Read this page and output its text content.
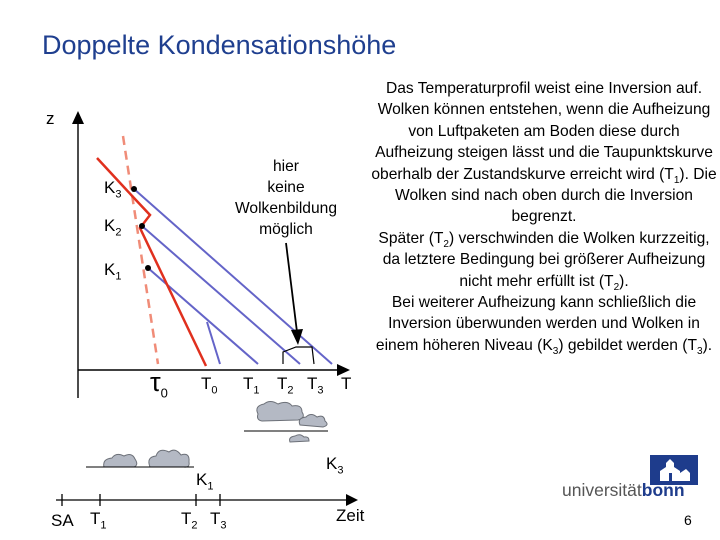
Doppelte Kondensationshöhe
$K_3$
$K_2$
$K_1$
z
T
$\tau_0$ $T_0$ $T_1$ $T_2$ $T_3$
hier
keine
Wolkenbildung
möglich
$K_1$
$K_3$
SA $T_1$	$T_2$ $T_3$
Zeit

Das Temperaturprofil weist eine Inversion auf.

Wolken können entstehen, wenn die Aufheizung von Luftpaketen am Boden diese durch Aufheizung steigen lässt und die Taupunktskurve oberhalb der Zustandskurve erreicht wird $(T_1)$. Die Wolken sind nach oben durch die Inversion begrenzt.

Später $(T_2)$ verschwinden die Wolken kurzzeitig, da letztere Bedingung bei größerer Aufheizung nicht mehr erfüllt ist $(T_2)$.

Bei weiterer Aufheizung kann schließlich die Inversion überwunden werden und Wolken in einem höheren Niveau $(K_3)$ gebildet werden $(T_3)$.

universitätbonn
6
